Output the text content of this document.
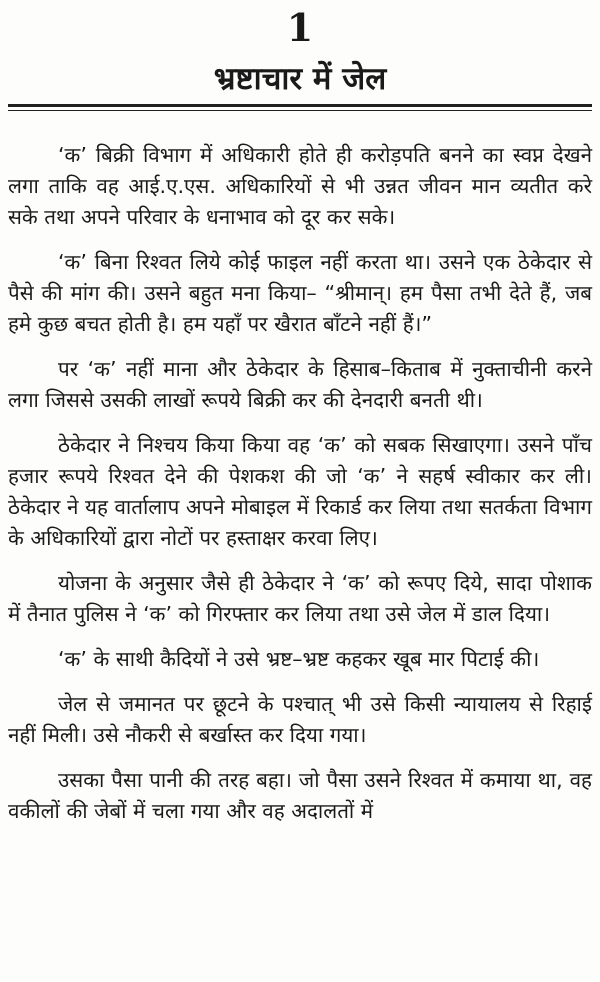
1
भ्रष्टाचार में जेल

‘क’ बिक्री विभाग में अधिकारी होते ही करोड़पति बनने का स्वप्न देखने लगा ताकि वह आई.ए.एस. अधिकारियों से भी उन्नत जीवन मान व्यतीत करे सके तथा अपने परिवार के धनाभाव को दूर कर सके।

‘क’ बिना रिश्वत लिये कोई फाइल नहीं करता था। उसने एक ठेकेदार से पैसे की मांग की। उसने बहुत मना किया– “श्रीमान्। हम पैसा तभी देते हैं, जब हमे कुछ बचत होती है। हम यहाँ पर खैरात बाँटने नहीं हैं।”

पर ‘क’ नहीं माना और ठेकेदार के हिसाब–किताब में नुक्ताचीनी करने लगा जिससे उसकी लाखों रूपये बिक्री कर की देनदारी बनती थी।

ठेकेदार ने निश्चय किया किया वह ‘क’ को सबक सिखाएगा। उसने पाँच हजार रूपये रिश्वत देने की पेशकश की जो ‘क’ ने सहर्ष स्वीकार कर ली। ठेकेदार ने यह वार्तालाप अपने मोबाइल में रिकार्ड कर लिया तथा सतर्कता विभाग के अधिकारियों द्वारा नोटों पर हस्ताक्षर करवा लिए।

योजना के अनुसार जैसे ही ठेकेदार ने ‘क’ को रूपए दिये, सादा पोशाक में तैनात पुलिस ने ‘क’ को गिरफ्तार कर लिया तथा उसे जेल में डाल दिया।

‘क’ के साथी कैदियों ने उसे भ्रष्ट–भ्रष्ट कहकर खूब मार पिटाई की।

जेल से जमानत पर छूटने के पश्चात् भी उसे किसी न्यायालय से रिहाई नहीं मिली। उसे नौकरी से बर्खास्त कर दिया गया।

उसका पैसा पानी की तरह बहा। जो पैसा उसने रिश्वत में कमाया था, वह वकीलों की जेबों में चला गया और वह अदालतों में
